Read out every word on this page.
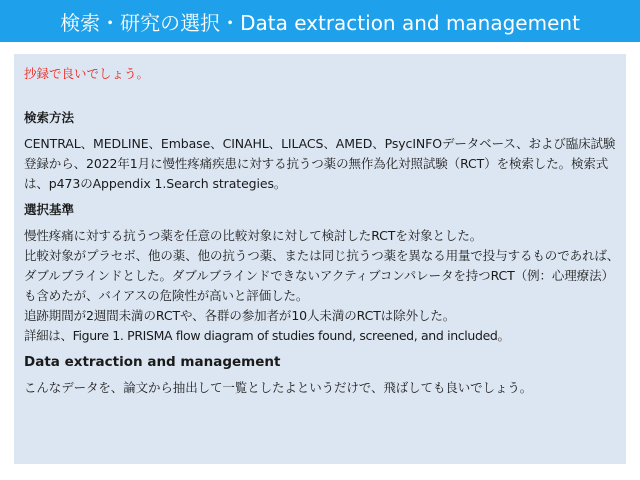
検索・研究の選択・Data extraction and management

抄録で良いでしょう。

検索方法

CENTRAL、MEDLINE、Embase、CINAHL、LILACS、AMED、PsycINFOデータベース、および臨床試験登録から、2022年1月に慢性疼痛疾患に対する抗うつ薬の無作為化対照試験（RCT）を検索した。検索式は、p473のAppendix 1.Search strategies。

選択基準

慢性疼痛に対する抗うつ薬を任意の比較対象に対して検討したRCTを対象とした。

比較対象がプラセボ、他の薬、他の抗うつ薬、または同じ抗うつ薬を異なる用量で投与するものであれば、ダブルブラインドとした。ダブルブラインドできないアクティブコンパレータを持つRCT（例：心理療法）も含めたが、バイアスの危険性が高いと評価した。

追跡期間が2週間未満のRCTや、各群の参加者が10人未満のRCTは除外した。

詳細は、Figure 1. PRISMA flow diagram of studies found, screened, and included。

Data extraction and management

こんなデータを、論文から抽出して一覧としたよというだけで、飛ばしても良いでしょう。
